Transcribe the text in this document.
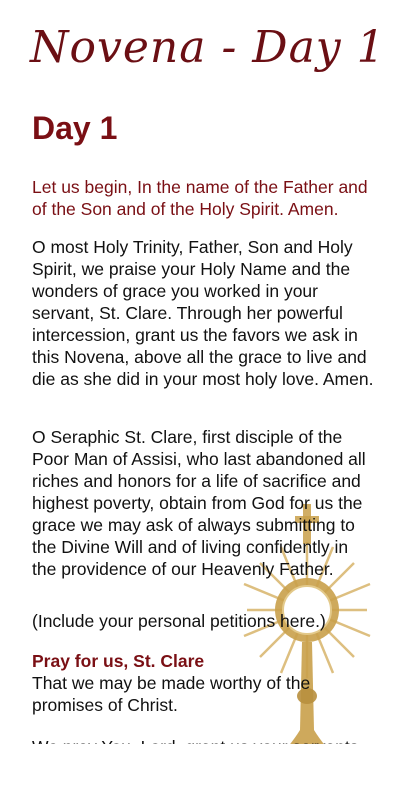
Novena - Day 1
Day 1

Let us begin, In the name of the Father and of the Son and of the Holy Spirit. Amen.

O most Holy Trinity, Father, Son and Holy Spirit, we praise your Holy Name and the wonders of grace you worked in your servant, St. Clare. Through her powerful intercession, grant us the favors we ask in this Novena, above all the grace to live and die as she did in your most holy love. Amen.

O Seraphic St. Clare, first disciple of the Poor Man of Assisi, who last abandoned all riches and honors for a life of sacrifice and highest poverty, obtain from God for us the grace we may ask of always submitting to the Divine Will and of living confidently in the providence of our Heavenly Father.

(Include your personal petitions here.)

Pray for us, St. Clare
That we may be made worthy of the promises of Christ.
